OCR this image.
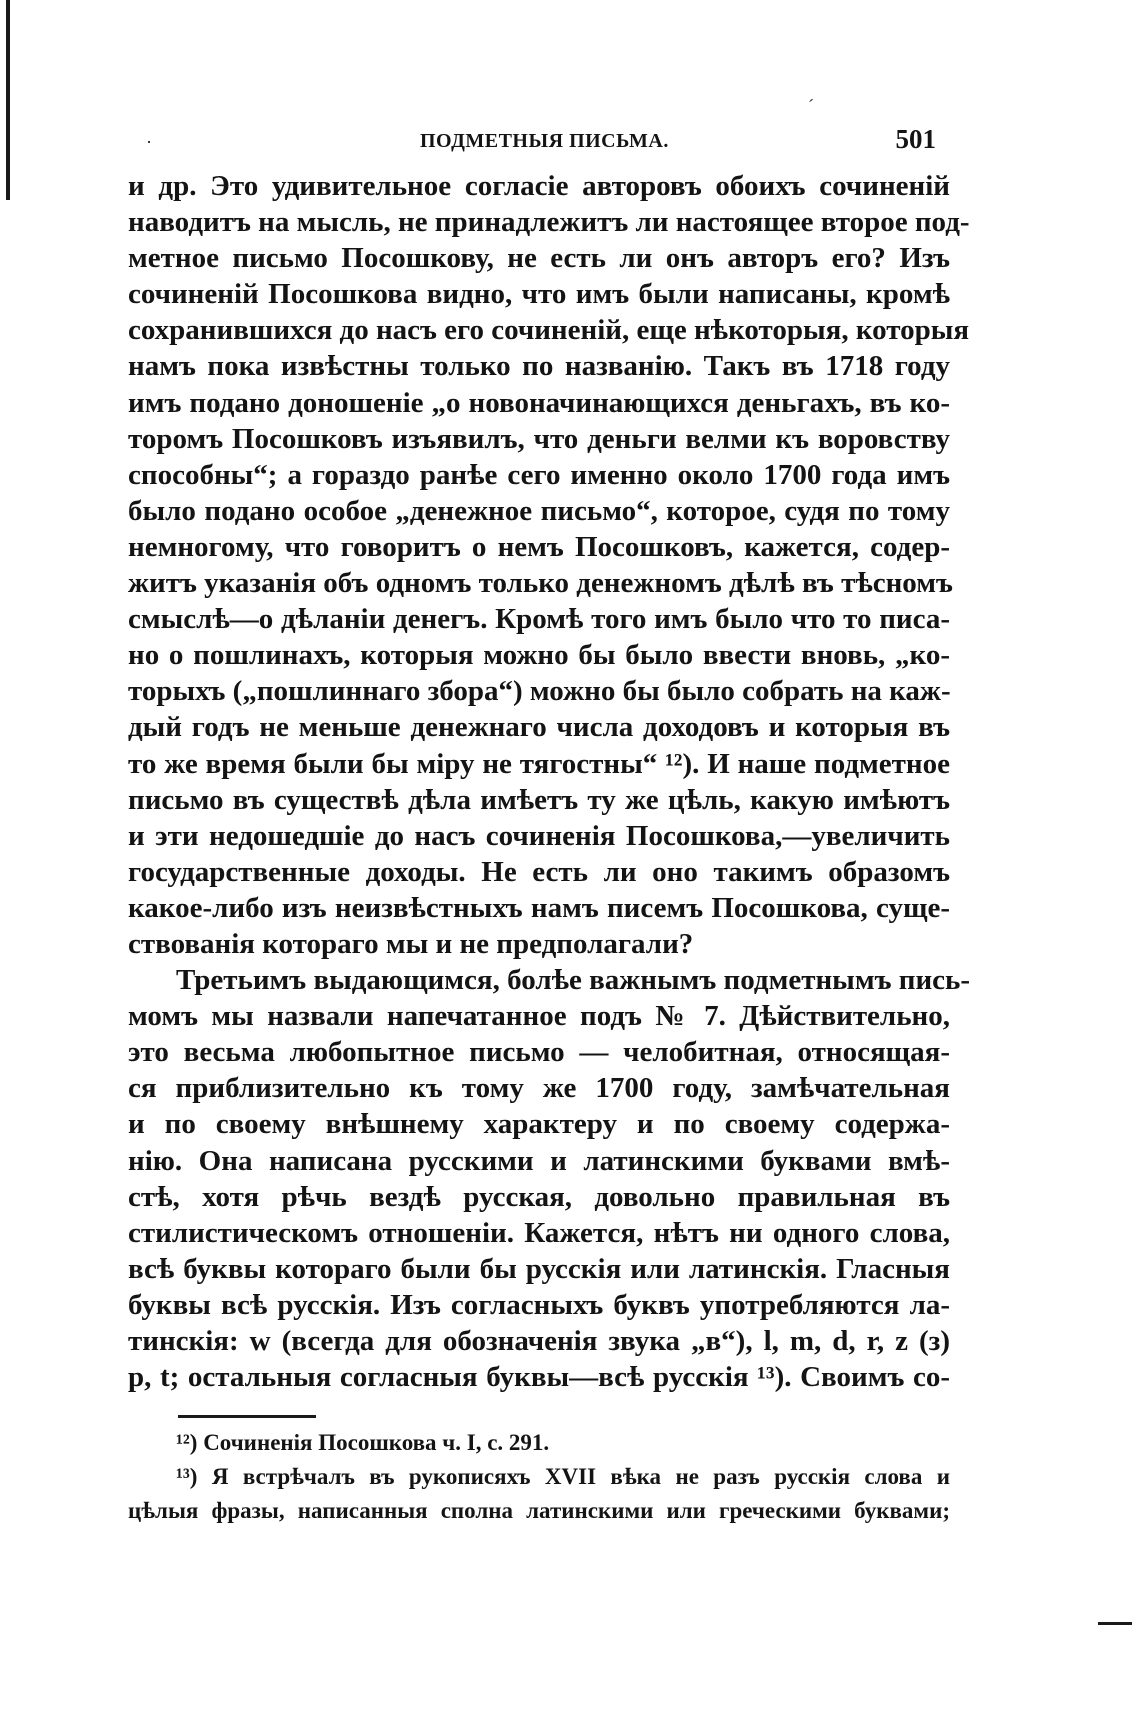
ˊ
·	ПОДМЕТНЫЯ ПИСЬМА.	501
и др. Это удивительное согласіе авторовъ обоихъ сочиненій
наводитъ на мысль, не принадлежитъ ли настоящее второе под-
метное письмо Посошкову, не есть ли онъ авторъ его? Изъ
сочиненій Посошкова видно, что имъ были написаны, кромѣ
сохранившихся до насъ его сочиненій, еще нѣкоторыя, которыя
намъ пока извѣстны только по названію. Такъ въ 1718 году
имъ подано доношеніе „о новоначинающихся деньгахъ, въ ко-
торомъ Посошковъ изъявилъ, что деньги велми къ воровству
способны“; а гораздо ранѣе сего именно около 1700 года имъ
было подано особое „денежное письмо“, которое, судя по тому
немногому, что говоритъ о немъ Посошковъ, кажется, содер-
житъ указанія объ одномъ только денежномъ дѣлѣ въ тѣсномъ
смыслѣ—о дѣланіи денегъ. Кромѣ того имъ было что то писа-
но о пошлинахъ, которыя можно бы было ввести вновь, „ко-
торыхъ („пошлиннаго збора“) можно бы было собрать на каж-
дый годъ не меньше денежнаго числа доходовъ и которыя въ
то же время были бы міру не тягостны“ ¹²). И наше подметное
письмо въ существѣ дѣла имѣетъ ту же цѣль, какую имѣютъ
и эти недошедшіе до насъ сочиненія Посошкова,—увеличить
государственные доходы. Не есть ли оно такимъ образомъ
какое-либо изъ неизвѣстныхъ намъ писемъ Посошкова, суще-
ствованія котораго мы и не предполагали?
Третьимъ выдающимся, болѣе важнымъ подметнымъ пись-
момъ мы назвали напечатанное подъ № 7. Дѣйствительно,
это весьма любопытное письмо — челобитная, относящая-
ся приблизительно къ тому же 1700 году, замѣчательная
и по своему внѣшнему характеру и по своему содержа-
нію. Она написана русскими и латинскими буквами вмѣ-
стѣ, хотя рѣчь вездѣ русская, довольно правильная въ
стилистическомъ отношеніи. Кажется, нѣтъ ни одного слова,
всѣ буквы котораго были бы русскія или латинскія. Гласныя
буквы всѣ русскія. Изъ согласныхъ буквъ употребляются ла-
тинскія: w (всегда для обозначенія звука „в“), l, m, d, r, z (з)
p, t; остальныя согласныя буквы—всѣ русскія ¹³). Своимъ со-
¹²) Сочиненія Посошкова ч. I, с. 291.
¹³) Я встрѣчалъ въ рукописяхъ XVII вѣка не разъ русскія слова и
цѣлыя фразы, написанныя сполна латинскими или греческими буквами;
